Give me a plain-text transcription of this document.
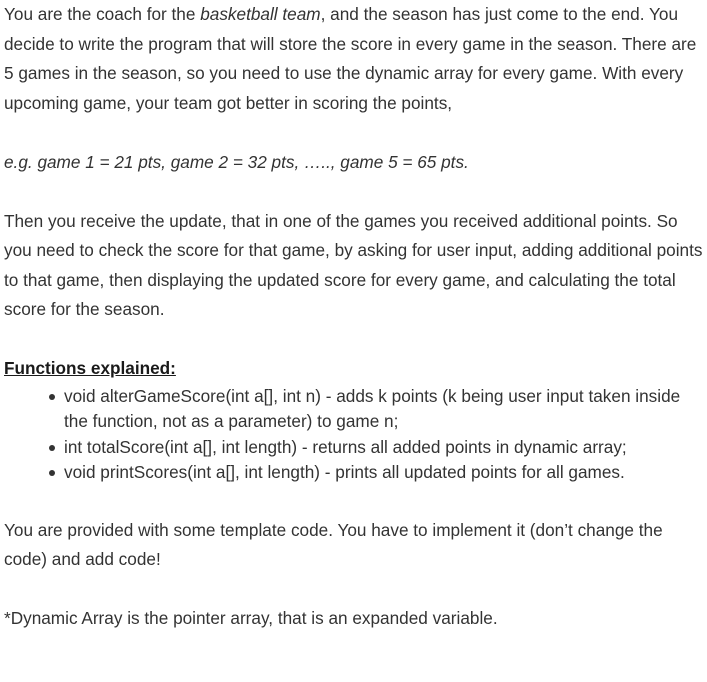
You are the coach for the basketball team, and the season has just come to the end. You decide to write the program that will store the score in every game in the season. There are 5 games in the season, so you need to use the dynamic array for every game. With every upcoming game, your team got better in scoring the points,

e.g. game 1 = 21 pts, game 2 = 32 pts, ….., game 5 = 65 pts.

Then you receive the update, that in one of the games you received additional points. So you need to check the score for that game, by asking for user input, adding additional points to that game, then displaying the updated score for every game, and calculating the total score for the season.

Functions explained:

void alterGameScore(int a[], int n) - adds k points (k being user input taken inside the function, not as a parameter) to game n;
int totalScore(int a[], int length) - returns all added points in dynamic array;
void printScores(int a[], int length) - prints all updated points for all games.

You are provided with some template code. You have to implement it (don’t change the code) and add code!

*Dynamic Array is the pointer array, that is an expanded variable.
